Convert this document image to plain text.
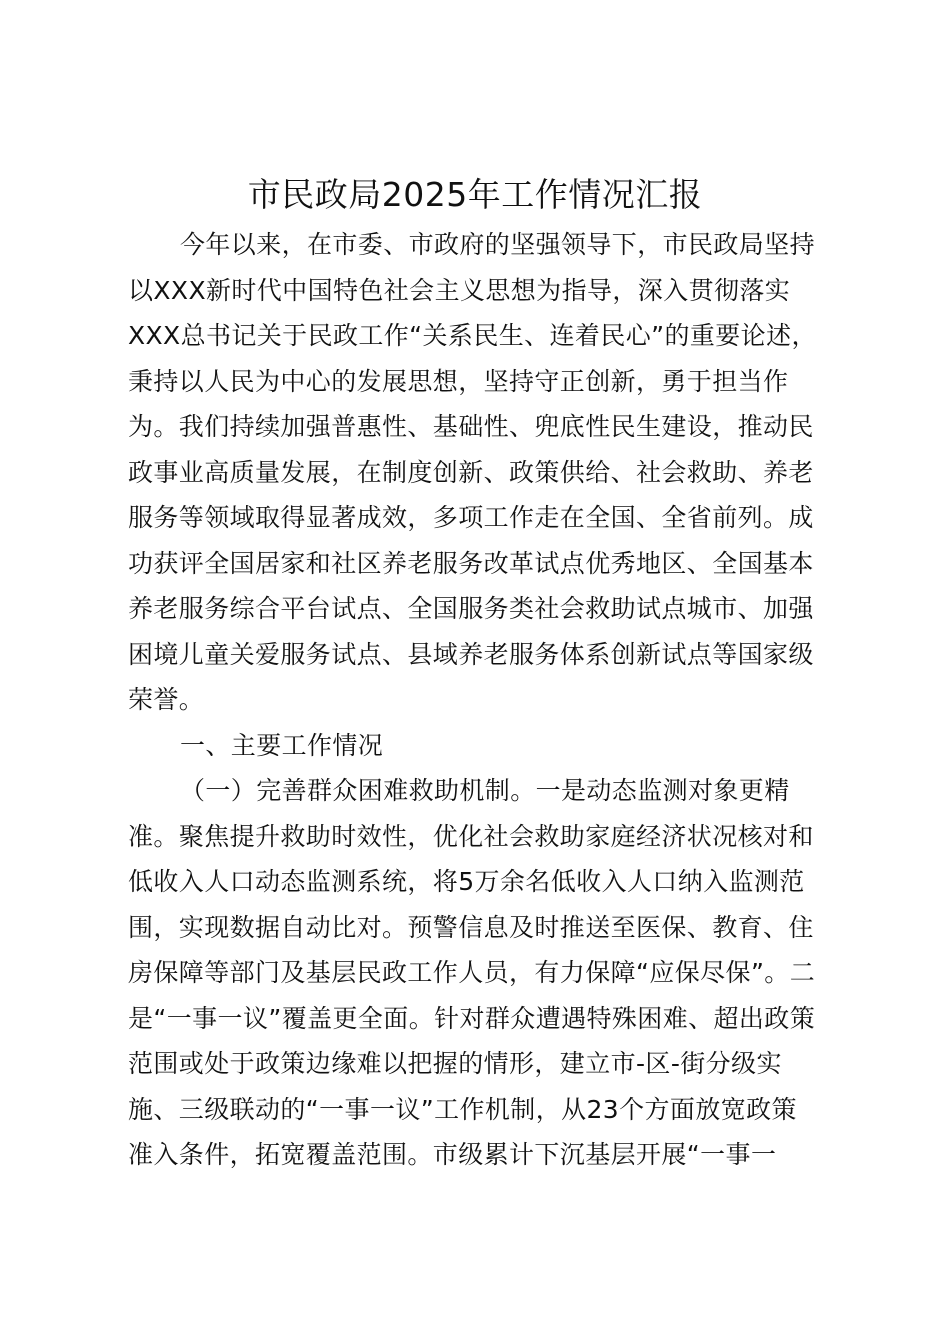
市民政局2025年工作情况汇报
今年以来，在市委、市政府的坚强领导下，市民政局坚持
以XXX新时代中国特色社会主义思想为指导，深入贯彻落实
XXX总书记关于民政工作“关系民生、连着民心”的重要论述，
秉持以人民为中心的发展思想，坚持守正创新，勇于担当作
为。我们持续加强普惠性、基础性、兜底性民生建设，推动民
政事业高质量发展，在制度创新、政策供给、社会救助、养老
服务等领域取得显著成效，多项工作走在全国、全省前列。成
功获评全国居家和社区养老服务改革试点优秀地区、全国基本
养老服务综合平台试点、全国服务类社会救助试点城市、加强
困境儿童关爱服务试点、县域养老服务体系创新试点等国家级
荣誉。
一、主要工作情况
（一）完善群众困难救助机制。一是动态监测对象更精
准。聚焦提升救助时效性，优化社会救助家庭经济状况核对和
低收入人口动态监测系统，将5万余名低收入人口纳入监测范
围，实现数据自动比对。预警信息及时推送至医保、教育、住
房保障等部门及基层民政工作人员，有力保障“应保尽保”。二
是“一事一议”覆盖更全面。针对群众遭遇特殊困难、超出政策
范围或处于政策边缘难以把握的情形，建立市-区-街分级实
施、三级联动的“一事一议”工作机制，从23个方面放宽政策
准入条件，拓宽覆盖范围。市级累计下沉基层开展“一事一
